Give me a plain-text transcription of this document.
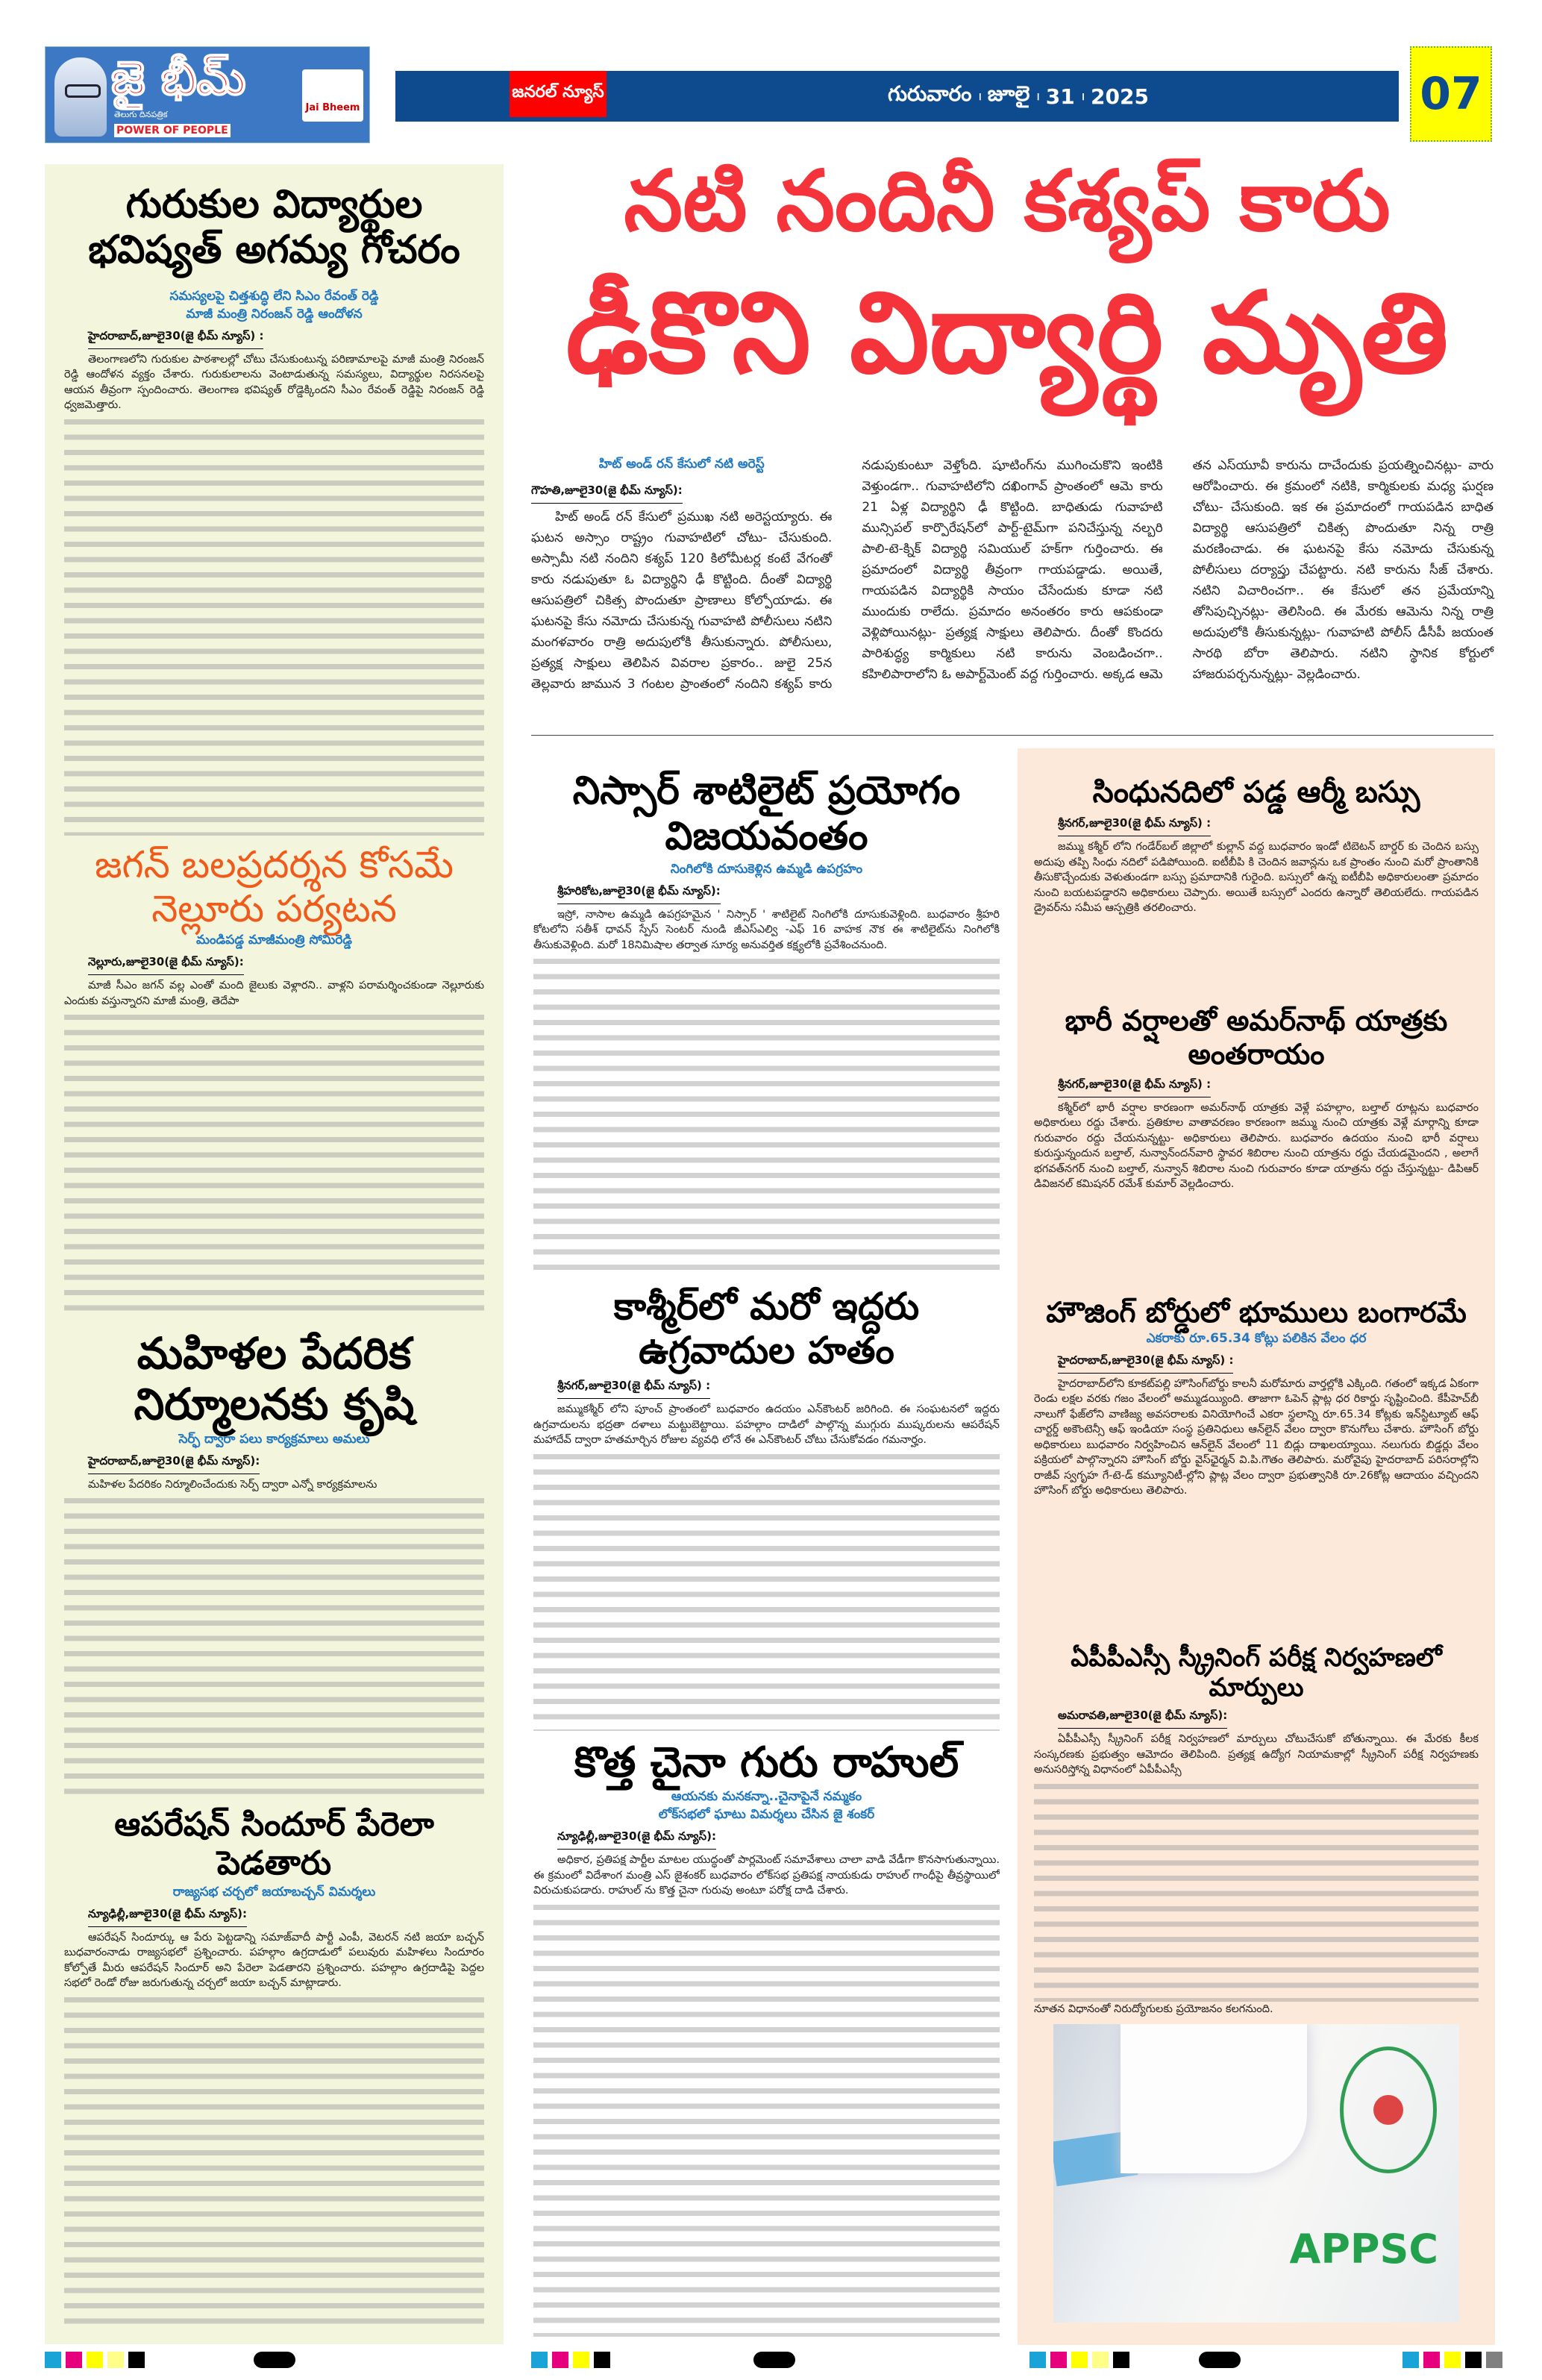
జై భీమ్
తెలుగు దినపత్రిక
POWER OF PEOPLE
Jai Bheem
జనరల్ న్యూస్	గురువారం । జూలై । 31 । 2025	07
గురుకుల విద్యార్థుల భవిష్యత్ అగమ్య గోచరం
సమస్యలపై చిత్తశుద్ధి లేని సిఎం రేవంత్ రెడ్డి
మాజీ మంత్రి నిరంజన్ రెడ్డి ఆందోళన
హైదరాబాద్,జూలై30(జై భీమ్ న్యూస్) :
తెలంగాణలోని గురుకుల పాఠశాలల్లో చోటు చేసుకుంటున్న పరిణామాలపై మాజీ మంత్రి నిరంజన్ రెడ్డి ఆందోళన వ్యక్తం చేశారు. గురుకులాలను వెంటాడుతున్న సమస్యలు, విద్యార్థుల నిరసనలపై ఆయన తీవ్రంగా స్పందించారు. తెలంగాణ భవిష్యత్ రోడ్డెక్కిందని సీఎం రేవంత్ రెడ్డిపై నిరంజన్ రెడ్డి ధ్వజమెత్తారు.
జగన్ బలప్రదర్శన కోసమే నెల్లూరు పర్యటన
మండిపడ్డ మాజీమంత్రి సోమిరెడ్డి
నెల్లూరు,జూలై30(జై భీమ్ న్యూస్):
మాజీ సీఎం జగన్ వల్ల ఎంతో మంది జైలుకు వెళ్లారని.. వాళ్లని పరామర్శించకుండా నెల్లూరుకు ఎందుకు వస్తున్నారని మాజీ మంత్రి, తెదేపా
మహిళల పేదరిక నిర్మూలనకు కృషి
సెర్ఫ్ ద్వారా పలు కార్యక్రమాలు అమలు
హైదరాబాద్,జూలై30(జై భీమ్ న్యూస్):
మహిళల పేదరికం నిర్మూలించేందుకు సెర్ప్ ద్వారా ఎన్నో కార్యక్రమాలను
ఆపరేషన్ సిందూర్ పేరెలా పెడతారు
రాజ్యసభ చర్చలో జయాబచ్చన్ విమర్శలు
న్యూఢిల్లీ,జూలై30(జై భీమ్ న్యూస్):
ఆపరేషన్ సిందూర్కు ఆ పేరు పెట్టడాన్ని సమాజ్‌వాదీ పార్టీ ఎంపీ, వెటరన్ నటి జయా బచ్చన్ బుధవారంనాడు రాజ్యసభలో ప్రశ్నించారు. పహల్గాం ఉగ్రదాడులో పలువురు మహిళలు సిందూరం కోల్పోతే మీరు ఆపరేషన్ సిందూర్ అని పేరెలా పెడతారని ప్రశ్నించారు. పహల్గాం ఉగ్రదాడిపై పెద్దల సభలో రెండో రోజు జరుగుతున్న చర్చలో జయా బచ్చన్ మాట్లాడారు.
నటి నందినీ కశ్యప్ కారు
ఢీకొని విద్యార్థి మృతి
హిట్ అండ్ రన్ కేసులో నటి అరెస్ట్
గౌహతి,జూలై30(జై భీమ్ న్యూస్):
హిట్ అండ్ రన్ కేసులో ప్రముఖ నటి అరెస్టయ్యారు. ఈ ఘటన అస్సాం రాష్ట్రం గువాహటిలో చోటు- చేసుకుంది. అస్సామీ నటి నందిని కశ్యప్ 120 కిలోమీటర్ల కంటే వేగంతో కారు నడుపుతూ ఓ విద్యార్థిని ఢీ కొట్టింది. దీంతో విద్యార్థి ఆసుపత్రిలో చికిత్స పొందుతూ ప్రాణాలు కోల్పోయాడు. ఈ ఘటనపై కేసు నమోదు చేసుకున్న గువాహటి పోలీసులు నటిని మంగళవారం రాత్రి అదుపులోకి తీసుకున్నారు. పోలీసులు, ప్రత్యక్ష సాక్షులు తెలిపిన వివరాల ప్రకారం.. జులై 25న తెల్లవారు జామున 3 గంటల ప్రాంతంలో నందిని కశ్యప్ కారు నడుపుకుంటూ వెళ్తోంది. షూటింగ్‌ను ముగించుకొని ఇంటికి వెళ్తుండగా.. గువాహటిలోని దఖింగావ్ ప్రాంతంలో ఆమె కారు 21 ఏళ్ల విద్యార్థిని ఢీ కొట్టింది. బాధితుడు గువాహటి మున్సిపల్ కార్పొరేషన్‌లో పార్ట్-టైమ్‌గా పనిచేస్తున్న నల్బరి పాలి-టె-క్నిక్ విద్యార్థి సమియుల్ హక్‌గా గుర్తించారు. ఈ ప్రమాదంలో విద్యార్థి తీవ్రంగా గాయపడ్డాడు. అయితే, గాయపడిన విద్యార్థికి సాయం చేసేందుకు కూడా నటి ముందుకు రాలేదు. ప్రమాదం అనంతరం కారు ఆపకుండా వెళ్లిపోయినట్లు- ప్రత్యక్ష సాక్షులు తెలిపారు. దీంతో కొందరు పారిశుద్ధ్య కార్మికులు నటి కారును వెంబడించగా.. కహిలిపారాలోని ఓ అపార్ట్‌మెంట్ వద్ద గుర్తించారు. అక్కడ ఆమె తన ఎస్‌యూవీ కారును దాచేందుకు ప్రయత్నించినట్లు- వారు ఆరోపించారు. ఈ క్రమంలో నటికి, కార్మికులకు మధ్య ఘర్షణ చోటు- చేసుకుంది. ఇక ఈ ప్రమాదంలో గాయపడిన బాధిత విద్యార్థి ఆసుపత్రిలో చికిత్స పొందుతూ నిన్న రాత్రి మరణించాడు. ఈ ఘటనపై కేసు నమోదు చేసుకున్న పోలీసులు దర్యాప్తు చేపట్టారు. నటి కారును సీజ్ చేశారు. నటిని విచారించగా.. ఈ కేసులో తన ప్రమేయాన్ని తోసిపుచ్చినట్లు- తెలిసింది. ఈ మేరకు ఆమెను నిన్న రాత్రి అదుపులోకి తీసుకున్నట్లు- గువాహటి పోలీస్ డీసీపీ జయంత సారథి బోరా తెలిపారు. నటిని స్థానిక కోర్టులో హాజరుపర్చనున్నట్లు- వెల్లడించారు.
నిస్సార్ శాటిలైట్ ప్రయోగం విజయవంతం
నింగిలోకి దూసుకెళ్లిన ఉమ్మడి ఉపగ్రహం
శ్రీహరికోట,జూలై30(జై భీమ్ న్యూస్):
ఇస్రో, నాసాల ఉమ్మడి ఉపగ్రహమైన ' నిస్సార్ ' శాటిలైట్ నింగిలోకి దూసుకువెళ్లింది. బుధవారం శ్రీహరి కోటలోని సతీశ్ ధావన్ స్పేస్ సెంటర్ నుండి జీఎస్ఎల్వి -ఎఫ్ 16 వాహక నౌక ఈ శాటిలైట్‌ను నింగిలోకి తీసుకువెళ్లింది. మరో 18నిమిషాల తర్వాత సూర్య అనువర్తిత కక్ష్యలోకి ప్రవేశించనుంది.
కాశ్మీర్‌లో మరో ఇద్దరు ఉగ్రవాదుల హతం
శ్రీనగర్,జూలై30(జై భీమ్ న్యూస్) :
జమ్ముకశ్మీర్ లోని పూంచ్ ప్రాంతంలో బుధవారం ఉదయం ఎన్‌కౌంటర్ జరిగింది. ఈ సంఘటనలో ఇద్దరు ఉగ్రవాదులను భద్రతా దళాలు మట్టుబెట్టాయి. పహల్గాం దాడిలో పాల్గొన్న ముగ్గురు ముష్కరులను ఆపరేషన్ మహాదేవ్ ద్వారా హతమార్చిన రోజుల వ్యవధి లోనే ఈ ఎన్‌కౌంటర్ చోటు చేసుకోవడం గమనార్హం.
కొత్త చైనా గురు రాహుల్
ఆయనకు మనకన్నా..చైనాపైనే నమ్మకం
లోక్‌సభలో ఘాటు విమర్శలు చేసిన జై శంకర్
న్యూఢిల్లీ,జూలై30(జై భీమ్ న్యూస్):
అధికార, ప్రతిపక్ష పార్టీల మాటల యుద్ధంతో పార్లమెంట్ సమావేశాలు చాలా వాడి వేడీగా కొనసాగుతున్నాయి. ఈ క్రమంలో విదేశాంగ మంత్రి ఎస్ జైశంకర్ బుధవారం లోక్‌సభ ప్రతిపక్ష నాయకుడు రాహుల్ గాంధీపై తీవ్రస్థాయిలో విరుచుకుపడారు. రాహుల్ ను కొత్త చైనా గురువు అంటూ పరోక్ష దాడి చేశారు.
సింధునదిలో పడ్డ ఆర్మీ బస్సు
శ్రీనగర్,జూలై30(జై భీమ్ న్యూస్) :
జమ్ము కశ్మీర్ లోని గండేర్‌బల్ జిల్లాలో కుల్లాన్ వద్ద బుధవారం ఇండో టిబెటన్ బార్డర్ కు చెందిన బస్సు అదుపు తప్పి సింధు నదిలో పడిపోయింది. ఐటీబీపి కి చెందిన జవాన్లను ఒక ప్రాంతం నుంచి మరో ప్రాంతానికి తీసుకొచ్చేందుకు వెళుతుండగా బస్సు ప్రమాదానికి గురైంది. బస్సులో ఉన్న ఐటీబీపి అధికారులంతా ప్రమాదం నుంచి బయటపడ్డారని అధికారులు చెప్పారు. అయితే బస్సులో ఎందరు ఉన్నారో తెలియలేదు. గాయపడిన డ్రైవర్‌ను సమీప ఆస్పత్రికి తరలించారు.
భారీ వర్షాలతో అమర్‌నాథ్ యాత్రకు అంతరాయం
శ్రీనగర్,జూలై30(జై భీమ్ న్యూస్) :
కశ్మీర్‌లో భారీ వర్షాల కారణంగా అమర్‌నాథ్ యాత్రకు వెళ్లే పహల్గాం, బల్తాల్ రూట్లను బుధవారం అధికారులు రద్దు చేశారు. ప్రతికూల వాతావరణం కారణంగా జమ్ము నుంచి యాత్రకు వెళ్లే మార్గాన్ని కూడా గురువారం రద్దు చేయనున్నట్టు- అధికారులు తెలిపారు. బుధవారం ఉదయం నుంచి భారీ వర్షాలు కురుస్తున్నందున బల్తాల్, నున్వాన్‌ందన్‌వారి స్థావర శిబిరాల నుంచి యాత్రను రద్దు చేయడమైందని , అలాగే భగవత్‌నగర్ నుంచి బల్తాల్, నున్వాన్ శిబిరాల నుంచి గురువారం కూడా యాత్రను రద్దు చేస్తున్నట్టు- డిపిఆర్ డివిజనల్ కమిషనర్ రమేశ్ కుమార్ వెల్లడించారు.
హౌజింగ్ బోర్డులో భూములు బంగారమే
ఎకరాకు రూ.65.34 కోట్లు పలికిన వేలం ధర
హైదరాబాద్,జూలై30(జై భీమ్ న్యూస్) :
హైదరాబాద్‌లోని కూకట్‌పల్లి హౌసింగ్‌బోర్డు కాలనీ మరోమారు వార్తల్లోకి ఎక్కింది. గతంలో ఇక్కడ ఏకంగా రెండు లక్షల వరకు గజం వేలంలో అమ్ముడయ్యింది. తాజాగా ఓపెన్ ప్లాట్ల ధర రికార్డు సృష్టించింది. కేపీహెచ్‌బీ నాలుగో ఫేజ్‌లోని వాణిజ్య అవసరాలకు వినియోగించే ఎకరా స్థలాన్ని రూ.65.34 కోట్లకు ఇన్‌స్టిట్యూట్ ఆఫ్ చార్టర్డ్ అకౌంటెన్సీ ఆఫ్ ఇండియా సంస్థ ప్రతినిధులు ఆన్‌లైన్ వేలం ద్వారా కొనుగోలు చేశారు. హౌసింగ్ బోర్డు అధికారులు బుధవారం నిర్వహించిన ఆన్‌లైన్ వేలంలో 11 బిడ్లు దాఖలయ్యాయి. నలుగురు బిడ్డర్లు వేలం పక్రియలో పాల్గొన్నారని హౌసింగ్ బోర్డు వైస్‌ఛైర్మన్ వి.పి.గౌతం తెలిపారు. మరోవైపు హైదరాబాద్ పరిసరాల్లోని రాజీవ్ స్వగృహ గే-టె-డ్ కమ్యూనిటీ-ల్లోని ప్లాట్ల వేలం ద్వారా ప్రభుత్వానికి రూ.26కోట్ల ఆదాయం వచ్చిందని హౌసింగ్ బోర్డు అధికారులు తెలిపారు.
ఏపీపీఎస్సీ స్క్రీనింగ్ పరీక్ష నిర్వహణలో మార్పులు
అమరావతి,జూలై30(జై భీమ్ న్యూస్):
ఏపీపీఎస్సీ స్క్రీనింగ్ పరీక్ష నిర్వహణలో మార్పులు చోటుచేసుకో బోతున్నాయి. ఈ మేరకు కీలక సంస్కరణకు ప్రభుత్వం ఆమోదం తెలిపింది. ప్రత్యక్ష ఉద్యోగ నియామకాల్లో స్క్రీనింగ్ పరీక్ష నిర్వహణకు అనుసరిస్తోన్న విధానంలో ఏపీపీఎస్సీ
నూతన విధానంతో నిరుద్యోగులకు ప్రయోజనం కలగనుంది.
APPSC
